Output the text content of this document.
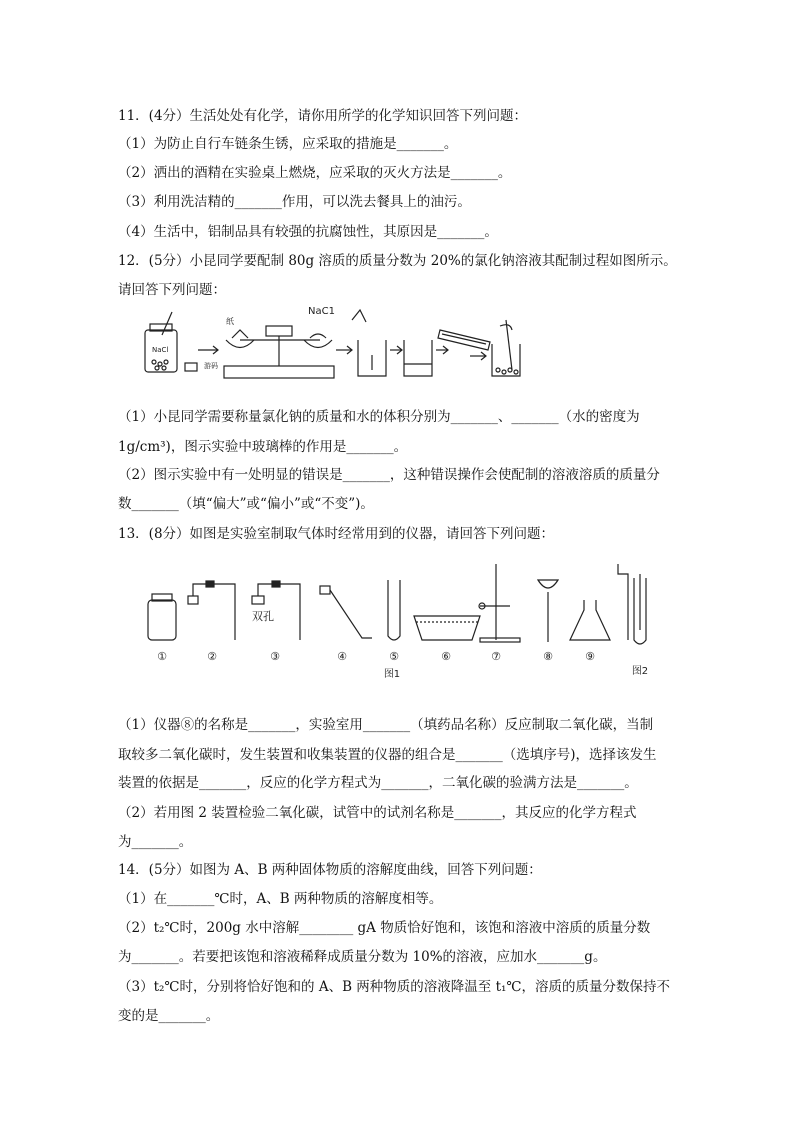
11．(4分）生活处处有化学，请你用所学的化学知识回答下列问题：
（1）为防止自行车链条生锈，应采取的措施是_______。
（2）洒出的酒精在实验桌上燃烧，应采取的灭火方法是_______。
（3）利用洗洁精的_______作用，可以洗去餐具上的油污。
（4）生活中，铝制品具有较强的抗腐蚀性，其原因是_______。
12．(5分）小昆同学要配制 80g 溶质的质量分数为 20%的氯化钠溶液其配制过程如图所示。
请回答下列问题：
NaCl
纸
NaC1
游码
（1）小昆同学需要称量氯化钠的质量和水的体积分别为_______、_______（水的密度为
1g/cm³)，图示实验中玻璃棒的作用是_______。
（2）图示实验中有一处明显的错误是_______，这种错误操作会使配制的溶液溶质的质量分
数_______（填“偏大”或“偏小”或“不变”)。
13．(8分）如图是实验室制取气体时经常用到的仪器，请回答下列问题：
双孔
①	②	③	④	⑤	⑥	⑦	⑧	⑨
图1	图2
（1）仪器⑧的名称是_______，实验室用_______（填药品名称）反应制取二氧化碳，当制
取较多二氧化碳时，发生装置和收集装置的仪器的组合是_______（选填序号)，选择该发生
装置的依据是_______，反应的化学方程式为_______，二氧化碳的验满方法是_______。
（2）若用图 2 装置检验二氧化碳，试管中的试剂名称是_______，其反应的化学方程式
为_______。
14．(5分）如图为 A、B 两种固体物质的溶解度曲线，回答下列问题：
（1）在_______℃时，A、B 两种物质的溶解度相等。
（2）t₂℃时，200g 水中溶解________ gA 物质恰好饱和，该饱和溶液中溶质的质量分数
为_______。若要把该饱和溶液稀释成质量分数为 10%的溶液，应加水_______g。
（3）t₂℃时，分别将恰好饱和的 A、B 两种物质的溶液降温至 t₁℃，溶质的质量分数保持不
变的是_______。
